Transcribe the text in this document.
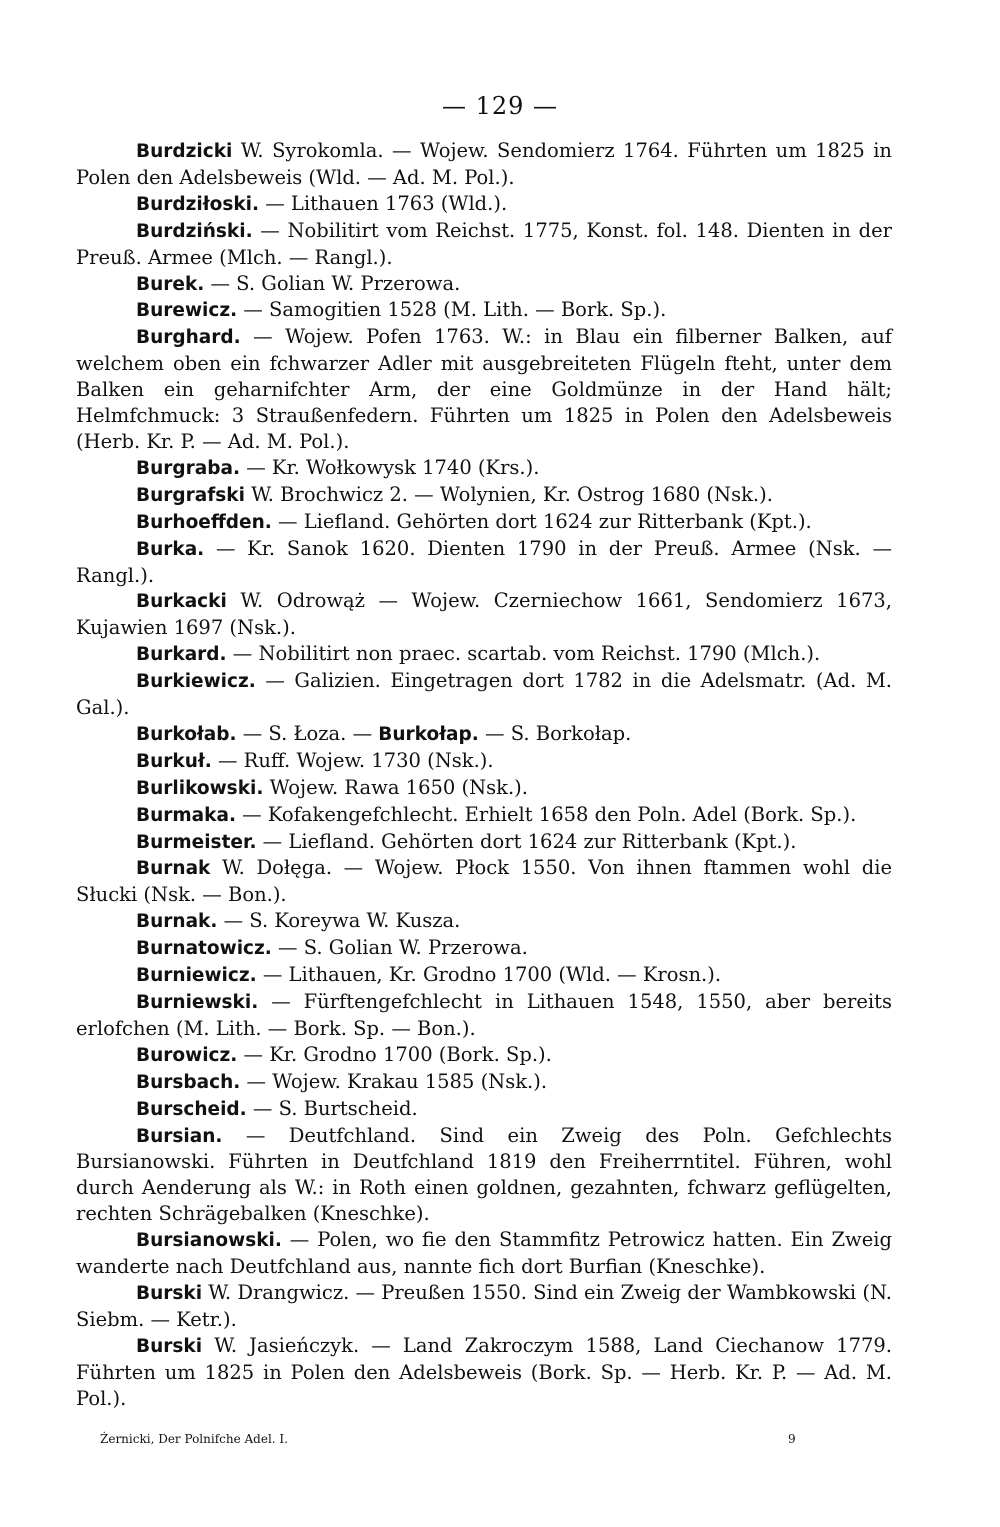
— 129 —

Burdzicki W. Syrokomla. — Wojew. Sendomierz 1764. Führten um 1825 in Polen den Adelsbeweis (Wld. — Ad. M. Pol.).

Burdziłoski. — Lithauen 1763 (Wld.).

Burdziński. — Nobilitirt vom Reichst. 1775, Konst. fol. 148. Dienten in der Preuß. Armee (Mlch. — Rangl.).

Burek. — S. Golian W. Przerowa.

Burewicz. — Samogitien 1528 (M. Lith. — Bork. Sp.).

Burghard. — Wojew. Pofen 1763. W.: in Blau ein filberner Balken, auf welchem oben ein fchwarzer Adler mit ausgebreiteten Flügeln fteht, unter dem Balken ein geharnifchter Arm, der eine Goldmünze in der Hand hält; Helmfchmuck: 3 Straußenfedern. Führten um 1825 in Polen den Adelsbeweis (Herb. Kr. P. — Ad. M. Pol.).

Burgraba. — Kr. Wołkowysk 1740 (Krs.).

Burgrafski W. Brochwicz 2. — Wolynien, Kr. Ostrog 1680 (Nsk.).

Burhoeffden. — Liefland. Gehörten dort 1624 zur Ritterbank (Kpt.).

Burka. — Kr. Sanok 1620. Dienten 1790 in der Preuß. Armee (Nsk. — Rangl.).

Burkacki W. Odrowąż — Wojew. Czerniechow 1661, Sendomierz 1673, Kujawien 1697 (Nsk.).

Burkard. — Nobilitirt non praec. scartab. vom Reichst. 1790 (Mlch.).

Burkiewicz. — Galizien. Eingetragen dort 1782 in die Adelsmatr. (Ad. M. Gal.).

Burkołab. — S. Łoza. — Burkołap. — S. Borkołap.

Burkuł. — Ruff. Wojew. 1730 (Nsk.).

Burlikowski. Wojew. Rawa 1650 (Nsk.).

Burmaka. — Kofakengefchlecht. Erhielt 1658 den Poln. Adel (Bork. Sp.).

Burmeister. — Liefland. Gehörten dort 1624 zur Ritterbank (Kpt.).

Burnak W. Dołęga. — Wojew. Płock 1550. Von ihnen ftammen wohl die Słucki (Nsk. — Bon.).

Burnak. — S. Koreywa W. Kusza.

Burnatowicz. — S. Golian W. Przerowa.

Burniewicz. — Lithauen, Kr. Grodno 1700 (Wld. — Krosn.).

Burniewski. — Fürftengefchlecht in Lithauen 1548, 1550, aber bereits erlofchen (M. Lith. — Bork. Sp. — Bon.).

Burowicz. — Kr. Grodno 1700 (Bork. Sp.).

Bursbach. — Wojew. Krakau 1585 (Nsk.).

Burscheid. — S. Burtscheid.

Bursian. — Deutfchland. Sind ein Zweig des Poln. Gefchlechts Bursianowski. Führten in Deutfchland 1819 den Freiherrntitel. Führen, wohl durch Aenderung als W.: in Roth einen goldnen, gezahnten, fchwarz geflügelten, rechten Schrägebalken (Kneschke).

Bursianowski. — Polen, wo fie den Stammfitz Petrowicz hatten. Ein Zweig wanderte nach Deutfchland aus, nannte fich dort Burfian (Kneschke).

Burski W. Drangwicz. — Preußen 1550. Sind ein Zweig der Wambkowski (N. Siebm. — Ketr.).

Burski W. Jasieńczyk. — Land Zakroczym 1588, Land Ciechanow 1779. Führten um 1825 in Polen den Adelsbeweis (Bork. Sp. — Herb. Kr. P. — Ad. M. Pol.).

Żernicki, Der Polnifche Adel. I.	9
